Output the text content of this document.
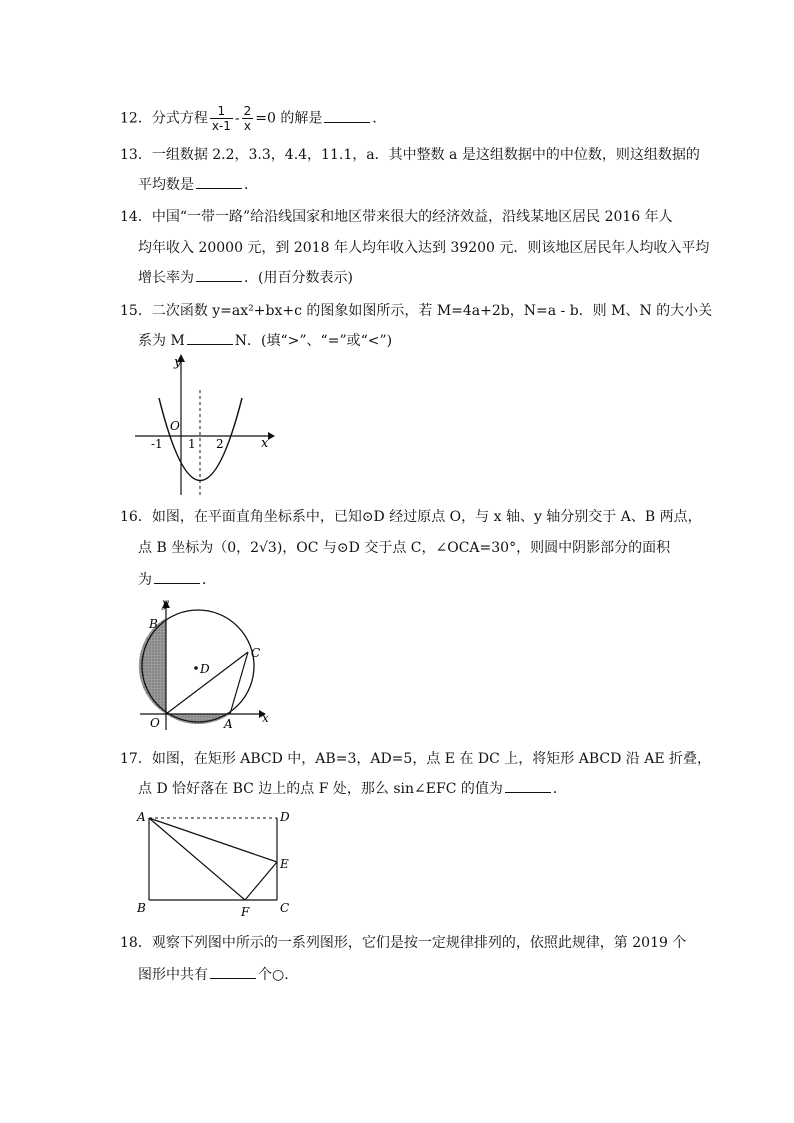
12．分式方程 $\frac{1}{x-1} - \frac{2}{x} =0$ 的解是	．
13．一组数据 2.2，3.3，4.4，11.1，a．其中整数 a 是这组数据中的中位数，则这组数据的
平均数是	．
14．中国“一带一路”给沿线国家和地区带来很大的经济效益，沿线某地区居民 2016 年人
均年收入 20000 元，到 2018 年人均年收入达到 39200 元．则该地区居民年人均收入平均
增长率为	．(用百分数表示)
15．二次函数 y=ax²+bx+c 的图象如图所示，若 M=4a+2b，N=a - b．则 M、N 的大小关
系为 M	N．(填“>”、“=”或“<”)
y
x
O
-1 1 2
16．如图，在平面直角坐标系中，已知⊙D 经过原点 O，与 x 轴、y 轴分别交于 A、B 两点，
点 B 坐标为（0，2√3)，OC 与⊙D 交于点 C，∠OCA=30°，则圆中阴影部分的面积
为	．
y
x
B
C
D
O	A
17．如图，在矩形 ABCD 中，AB=3，AD=5，点 E 在 DC 上，将矩形 ABCD 沿 AE 折叠，
点 D 恰好落在 BC 边上的点 F 处，那么 sin∠EFC 的值为	．
A	D
E
B	F	C
18．观察下列图中所示的一系列图形，它们是按一定规律排列的，依照此规律，第 2019 个
图形中共有	个○．
